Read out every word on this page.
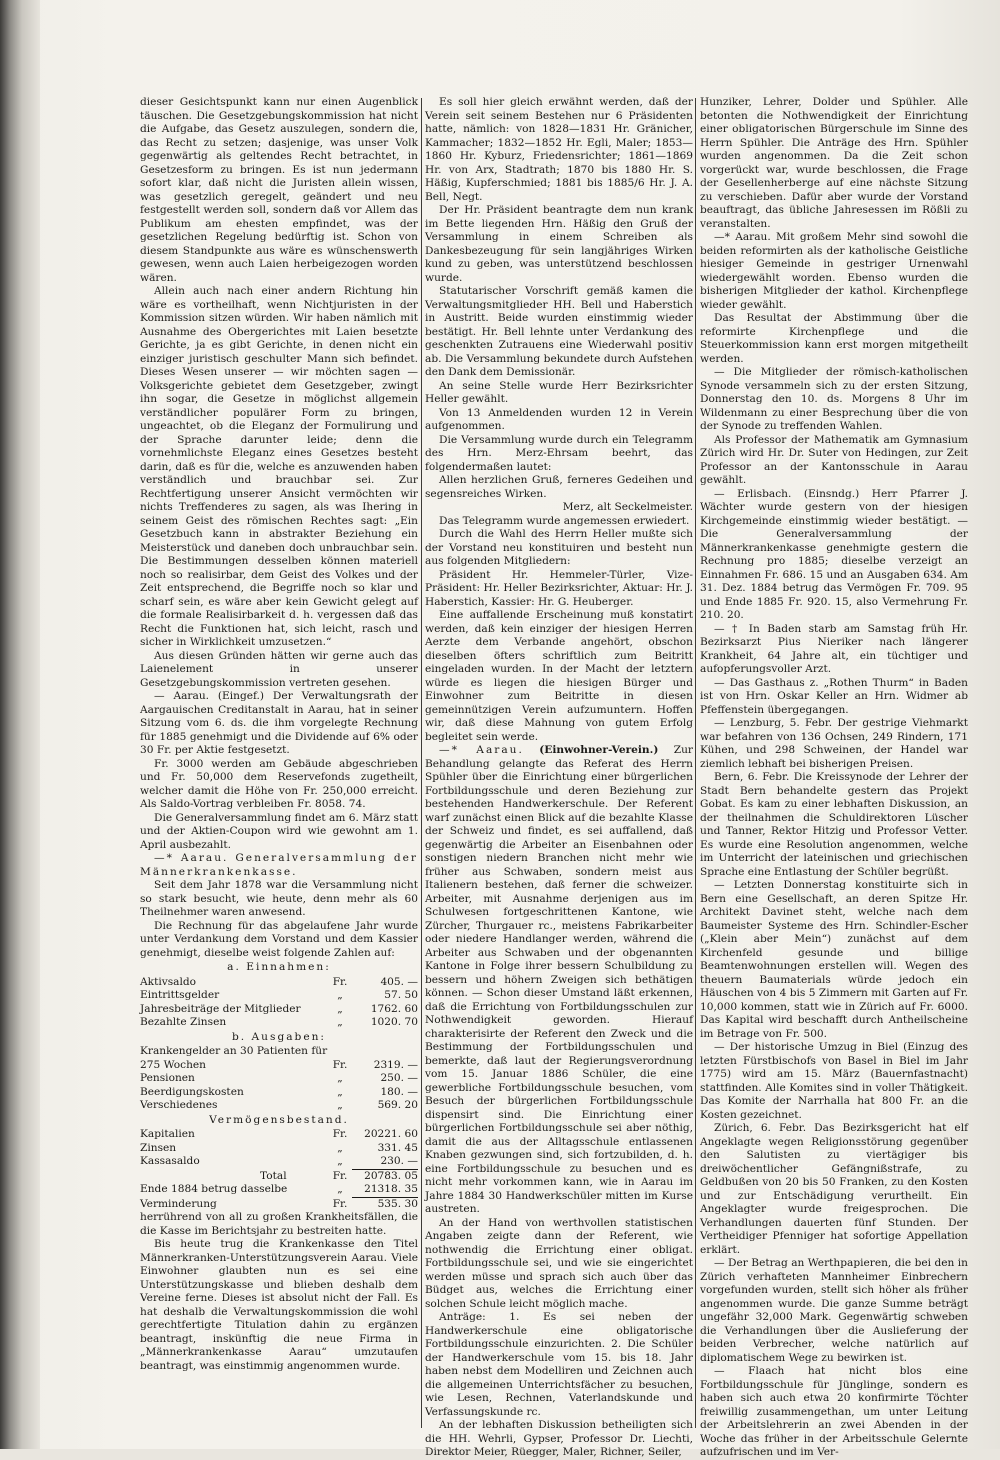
dieser Gesichtspunkt kann nur einen Augenblick täuschen. Die Gesetzgebungskommission hat nicht die Aufgabe, das Gesetz auszulegen, sondern die, das Recht zu setzen; dasjenige, was unser Volk gegenwärtig als geltendes Recht betrachtet, in Gesetzesform zu bringen. Es ist nun jedermann sofort klar, daß nicht die Juristen allein wissen, was gesetzlich geregelt, geändert und neu festgestellt werden soll, sondern daß vor Allem das Publikum am ehesten empfindet, was der gesetzlichen Regelung bedürftig ist. Schon von diesem Standpunkte aus wäre es wünschenswerth gewesen, wenn auch Laien herbeigezogen worden wären.

Allein auch nach einer andern Richtung hin wäre es vortheilhaft, wenn Nichtjuristen in der Kommission sitzen würden. Wir haben nämlich mit Ausnahme des Obergerichtes mit Laien besetzte Gerichte, ja es gibt Gerichte, in denen nicht ein einziger juristisch geschulter Mann sich befindet. Dieses Wesen unserer — wir möchten sagen — Volksgerichte gebietet dem Gesetzgeber, zwingt ihn sogar, die Gesetze in möglichst allgemein verständlicher populärer Form zu bringen, ungeachtet, ob die Eleganz der Formulirung und der Sprache darunter leide; denn die vornehmlichste Eleganz eines Gesetzes besteht darin, daß es für die, welche es anzuwenden haben verständlich und brauchbar sei. Zur Rechtfertigung unserer Ansicht vermöchten wir nichts Treffenderes zu sagen, als was Ihering in seinem Geist des römischen Rechtes sagt: „Ein Gesetzbuch kann in abstrakter Beziehung ein Meisterstück und daneben doch unbrauchbar sein. Die Bestimmungen desselben können materiell noch so realisirbar, dem Geist des Volkes und der Zeit entsprechend, die Begriffe noch so klar und scharf sein, es wäre aber kein Gewicht gelegt auf die formale Realisirbarkeit d. h. vergessen daß das Recht die Funktionen hat, sich leicht, rasch und sicher in Wirklichkeit umzusetzen.“

Aus diesen Gründen hätten wir gerne auch das Laienelement in unserer Gesetzgebungskommission vertreten gesehen.

— Aarau. (Eingef.) Der Verwaltungsrath der Aargauischen Creditanstalt in Aarau, hat in seiner Sitzung vom 6. ds. die ihm vorgelegte Rechnung für 1885 genehmigt und die Dividende auf 6% oder 30 Fr. per Aktie festgesetzt.

Fr. 3000 werden am Gebäude abgeschrieben und Fr. 50,000 dem Reservefonds zugetheilt, welcher damit die Höhe von Fr. 250,000 erreicht. Als Saldo-Vortrag verbleiben Fr. 8058. 74.

Die Generalversammlung findet am 6. März statt und der Aktien-Coupon wird wie gewohnt am 1. April ausbezahlt.

—* Aarau. Generalversammlung der Männerkrankenkasse.

Seit dem Jahr 1878 war die Versammlung nicht so stark besucht, wie heute, denn mehr als 60 Theilnehmer waren anwesend.

Die Rechnung für das abgelaufene Jahr wurde unter Verdankung dem Vorstand und dem Kassier genehmigt, dieselbe weist folgende Zahlen auf:

a. Einnahmen:
Aktivsaldo	Fr.	405. —
Eintrittsgelder	„	57. 50
Jahresbeiträge der Mitglieder	„	1762. 60
Bezahlte Zinsen	„	1020. 70
b. Ausgaben:
Krankengelder an 30 Patienten für
275 Wochen	Fr.	2319. —
Pensionen	„	250. —
Beerdigungskosten	„	180. —
Verschiedenes	„	569. 20
Vermögensbestand.
Kapitalien	Fr.	20221. 60
Zinsen	„	331. 45
Kassasaldo	„	230. —
Total	Fr.	20783. 05
Ende 1884 betrug dasselbe	„	21318. 35
Verminderung	Fr.	535. 30

herrührend von all zu großen Krankheitsfällen, die die Kasse im Berichtsjahr zu bestreiten hatte.

Bis heute trug die Krankenkasse den Titel Männerkranken-Unterstützungsverein Aarau. Viele Einwohner glaubten nun es sei eine Unterstützungskasse und blieben deshalb dem Vereine ferne. Dieses ist absolut nicht der Fall. Es hat deshalb die Verwaltungskommission die wohl gerechtfertigte Titulation dahin zu ergänzen beantragt, inskünftig die neue Firma in „Männerkrankenkasse Aarau“ umzutaufen beantragt, was einstimmig angenommen wurde.

Es soll hier gleich erwähnt werden, daß der Verein seit seinem Bestehen nur 6 Präsidenten hatte, nämlich: von 1828—1831 Hr. Gränicher, Kammacher; 1832—1852 Hr. Egli, Maler; 1853—1860 Hr. Kyburz, Friedensrichter; 1861—1869 Hr. von Arx, Stadtrath; 1870 bis 1880 Hr. S. Häßig, Kupferschmied; 1881 bis 1885/6 Hr. J. A. Bell, Negt.

Der Hr. Präsident beantragte dem nun krank im Bette liegenden Hrn. Häßig den Gruß der Versammlung in einem Schreiben als Dankesbezeugung für sein langjähriges Wirken kund zu geben, was unterstützend beschlossen wurde.

Statutarischer Vorschrift gemäß kamen die Verwaltungsmitglieder HH. Bell und Haberstich in Austritt. Beide wurden einstimmig wieder bestätigt. Hr. Bell lehnte unter Verdankung des geschenkten Zutrauens eine Wiederwahl positiv ab. Die Versammlung bekundete durch Aufstehen den Dank dem Demissionär.

An seine Stelle wurde Herr Bezirksrichter Heller gewählt.

Von 13 Anmeldenden wurden 12 in Verein aufgenommen.

Die Versammlung wurde durch ein Telegramm des Hrn. Merz-Ehrsam beehrt, das folgendermaßen lautet:

Allen herzlichen Gruß, ferneres Gedeihen und segensreiches Wirken.

Merz, alt Seckelmeister.

Das Telegramm wurde angemessen erwiedert.

Durch die Wahl des Herrn Heller mußte sich der Vorstand neu konstituiren und besteht nun aus folgenden Mitgliedern:

Präsident Hr. Hemmeler-Türler, Vize-Präsident: Hr. Heller Bezirksrichter, Aktuar: Hr. J. Haberstich, Kassier: Hr. G. Heuberger.

Eine auffallende Erscheinung muß konstatirt werden, daß kein einziger der hiesigen Herren Aerzte dem Verbande angehört, obschon dieselben öfters schriftlich zum Beitritt eingeladen wurden. In der Macht der letztern würde es liegen die hiesigen Bürger und Einwohner zum Beitritte in diesen gemeinnützigen Verein aufzumuntern. Hoffen wir, daß diese Mahnung von gutem Erfolg begleitet sein werde.

—* Aarau. (Einwohner-Verein.) Zur Behandlung gelangte das Referat des Herrn Spühler über die Einrichtung einer bürgerlichen Fortbildungsschule und deren Beziehung zur bestehenden Handwerkerschule. Der Referent warf zunächst einen Blick auf die bezahlte Klasse der Schweiz und findet, es sei auffallend, daß gegenwärtig die Arbeiter an Eisenbahnen oder sonstigen niedern Branchen nicht mehr wie früher aus Schwaben, sondern meist aus Italienern bestehen, daß ferner die schweizer. Arbeiter, mit Ausnahme derjenigen aus im Schulwesen fortgeschrittenen Kantone, wie Zürcher, Thurgauer rc., meistens Fabrikarbeiter oder niedere Handlanger werden, während die Arbeiter aus Schwaben und der obgenannten Kantone in Folge ihrer bessern Schulbildung zu bessern und höhern Zweigen sich bethätigen können. — Schon dieser Umstand läßt erkennen, daß die Errichtung von Fortbildungsschulen zur Nothwendigkeit geworden. Hierauf charakterisirte der Referent den Zweck und die Bestimmung der Fortbildungsschulen und bemerkte, daß laut der Regierungsverordnung vom 15. Januar 1886 Schüler, die eine gewerbliche Fortbildungsschule besuchen, vom Besuch der bürgerlichen Fortbildungsschule dispensirt sind. Die Einrichtung einer bürgerlichen Fortbildungsschule sei aber nöthig, damit die aus der Alltagsschule entlassenen Knaben gezwungen sind, sich fortzubilden, d. h. eine Fortbildungsschule zu besuchen und es nicht mehr vorkommen kann, wie in Aarau im Jahre 1884 30 Handwerkschüler mitten im Kurse austreten.

An der Hand von werthvollen statistischen Angaben zeigte dann der Referent, wie nothwendig die Errichtung einer obligat. Fortbildungsschule sei, und wie sie eingerichtet werden müsse und sprach sich auch über das Büdget aus, welches die Errichtung einer solchen Schule leicht möglich mache.

Anträge: 1. Es sei neben der Handwerkerschule eine obligatorische Fortbildungsschule einzurichten. 2. Die Schüler der Handwerkerschule vom 15. bis 18. Jahr haben nebst dem Modelliren und Zeichnen auch die allgemeinen Unterrichtsfächer zu besuchen, wie Lesen, Rechnen, Vaterlandskunde und Verfassungskunde rc.

An der lebhaften Diskussion betheiligten sich die HH. Wehrli, Gypser, Professor Dr. Liechti, Direktor Meier, Rüegger, Maler, Richner, Seiler,

Hunziker, Lehrer, Dolder und Spühler. Alle betonten die Nothwendigkeit der Einrichtung einer obligatorischen Bürgerschule im Sinne des Herrn Spühler. Die Anträge des Hrn. Spühler wurden angenommen. Da die Zeit schon vorgerückt war, wurde beschlossen, die Frage der Gesellenherberge auf eine nächste Sitzung zu verschieben. Dafür aber wurde der Vorstand beauftragt, das übliche Jahresessen im Rößli zu veranstalten.

—* Aarau. Mit großem Mehr sind sowohl die beiden reformirten als der katholische Geistliche hiesiger Gemeinde in gestriger Urnenwahl wiedergewählt worden. Ebenso wurden die bisherigen Mitglieder der kathol. Kirchenpflege wieder gewählt.

Das Resultat der Abstimmung über die reformirte Kirchenpflege und die Steuerkommission kann erst morgen mitgetheilt werden.

— Die Mitglieder der römisch-katholischen Synode versammeln sich zu der ersten Sitzung, Donnerstag den 10. ds. Morgens 8 Uhr im Wildenmann zu einer Besprechung über die von der Synode zu treffenden Wahlen.

Als Professor der Mathematik am Gymnasium Zürich wird Hr. Dr. Suter von Hedingen, zur Zeit Professor an der Kantonsschule in Aarau gewählt.

— Erlisbach. (Einsndg.) Herr Pfarrer J. Wächter wurde gestern von der hiesigen Kirchgemeinde einstimmig wieder bestätigt. — Die Generalversammlung der Männerkrankenkasse genehmigte gestern die Rechnung pro 1885; dieselbe verzeigt an Einnahmen Fr. 686. 15 und an Ausgaben 634. Am 31. Dez. 1884 betrug das Vermögen Fr. 709. 95 und Ende 1885 Fr. 920. 15, also Vermehrung Fr. 210. 20.

— † In Baden starb am Samstag früh Hr. Bezirksarzt Pius Nieriker nach längerer Krankheit, 64 Jahre alt, ein tüchtiger und aufopferungsvoller Arzt.

— Das Gasthaus z. „Rothen Thurm“ in Baden ist von Hrn. Oskar Keller an Hrn. Widmer ab Pfeffenstein übergegangen.

— Lenzburg, 5. Febr. Der gestrige Viehmarkt war befahren von 136 Ochsen, 249 Rindern, 171 Kühen, und 298 Schweinen, der Handel war ziemlich lebhaft bei bisherigen Preisen.

Bern, 6. Febr. Die Kreissynode der Lehrer der Stadt Bern behandelte gestern das Projekt Gobat. Es kam zu einer lebhaften Diskussion, an der theilnahmen die Schuldirektoren Lüscher und Tanner, Rektor Hitzig und Professor Vetter. Es wurde eine Resolution angenommen, welche im Unterricht der lateinischen und griechischen Sprache eine Entlastung der Schüler begrüßt.

— Letzten Donnerstag konstituirte sich in Bern eine Gesellschaft, an deren Spitze Hr. Architekt Davinet steht, welche nach dem Baumeister Systeme des Hrn. Schindler-Escher („Klein aber Mein“) zunächst auf dem Kirchenfeld gesunde und billige Beamtenwohnungen erstellen will. Wegen des theuern Baumaterials würde jedoch ein Häuschen von 4 bis 5 Zimmern mit Garten auf Fr. 10,000 kommen, statt wie in Zürich auf Fr. 6000. Das Kapital wird beschafft durch Antheilscheine im Betrage von Fr. 500.

— Der historische Umzug in Biel (Einzug des letzten Fürstbischofs von Basel in Biel im Jahr 1775) wird am 15. März (Bauernfastnacht) stattfinden. Alle Komites sind in voller Thätigkeit. Das Komite der Narrhalla hat 800 Fr. an die Kosten gezeichnet.

Zürich, 6. Febr. Das Bezirksgericht hat elf Angeklagte wegen Religionsstörung gegenüber den Salutisten zu viertägiger bis dreiwöchentlicher Gefängnißstrafe, zu Geldbußen von 20 bis 50 Franken, zu den Kosten und zur Entschädigung verurtheilt. Ein Angeklagter wurde freigesprochen. Die Verhandlungen dauerten fünf Stunden. Der Vertheidiger Pfenniger hat sofortige Appellation erklärt.

— Der Betrag an Werthpapieren, die bei den in Zürich verhafteten Mannheimer Einbrechern vorgefunden wurden, stellt sich höher als früher angenommen wurde. Die ganze Summe beträgt ungefähr 32,000 Mark. Gegenwärtig schweben die Verhandlungen über die Auslieferung der beiden Verbrecher, welche natürlich auf diplomatischem Wege zu bewirken ist.

— Flaach hat nicht blos eine Fortbildungsschule für Jünglinge, sondern es haben sich auch etwa 20 konfirmirte Töchter freiwillig zusammengethan, um unter Leitung der Arbeitslehrerin an zwei Abenden in der Woche das früher in der Arbeitsschule Gelernte aufzufrischen und im Ver-
